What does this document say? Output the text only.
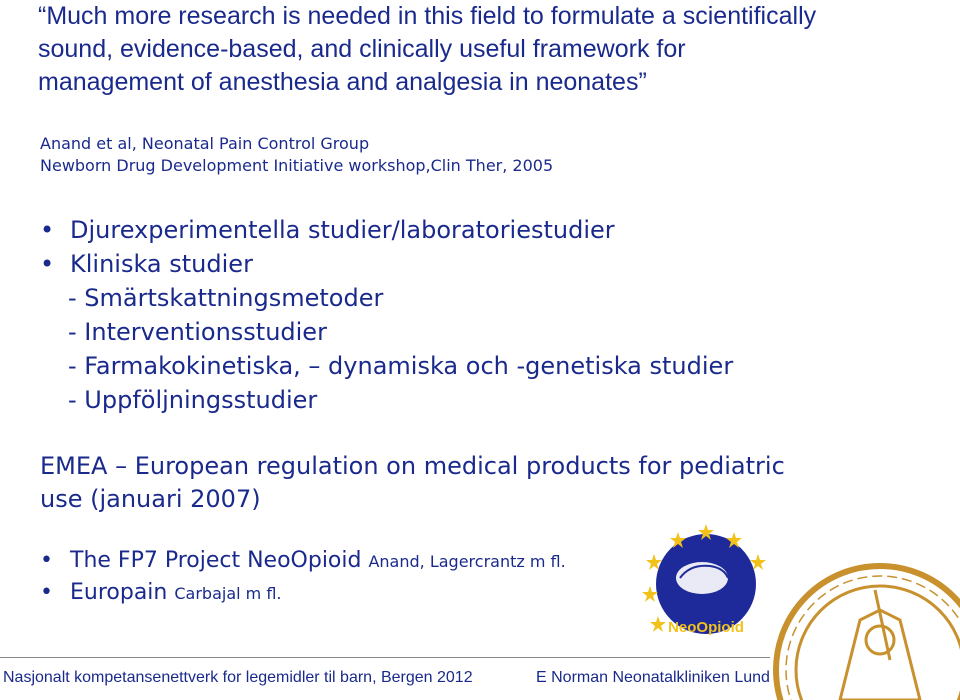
“Much more research is needed in this field to formulate a scientifically sound, evidence-based, and clinically useful framework for management of anesthesia and analgesia in neonates”

Anand et al, Neonatal Pain Control Group

Newborn Drug Development Initiative workshop,Clin Ther, 2005

• Djurexperimentella studier/laboratoriestudier
• Kliniska studier
- Smärtskattningsmetoder
- Interventionsstudier
- Farmakokinetiska, – dynamiska och -genetiska studier
- Uppföljningsstudier

EMEA – European regulation on medical products for pediatric use (januari 2007)

• The FP7 Project NeoOpioid Anand, Lagercrantz m fl.
• Europain Carbajal m fl.
NeoOpioid

Nasjonalt kompetansenettverk for legemidler til barn, Bergen 2012	E Norman Neonatalkliniken Lund
